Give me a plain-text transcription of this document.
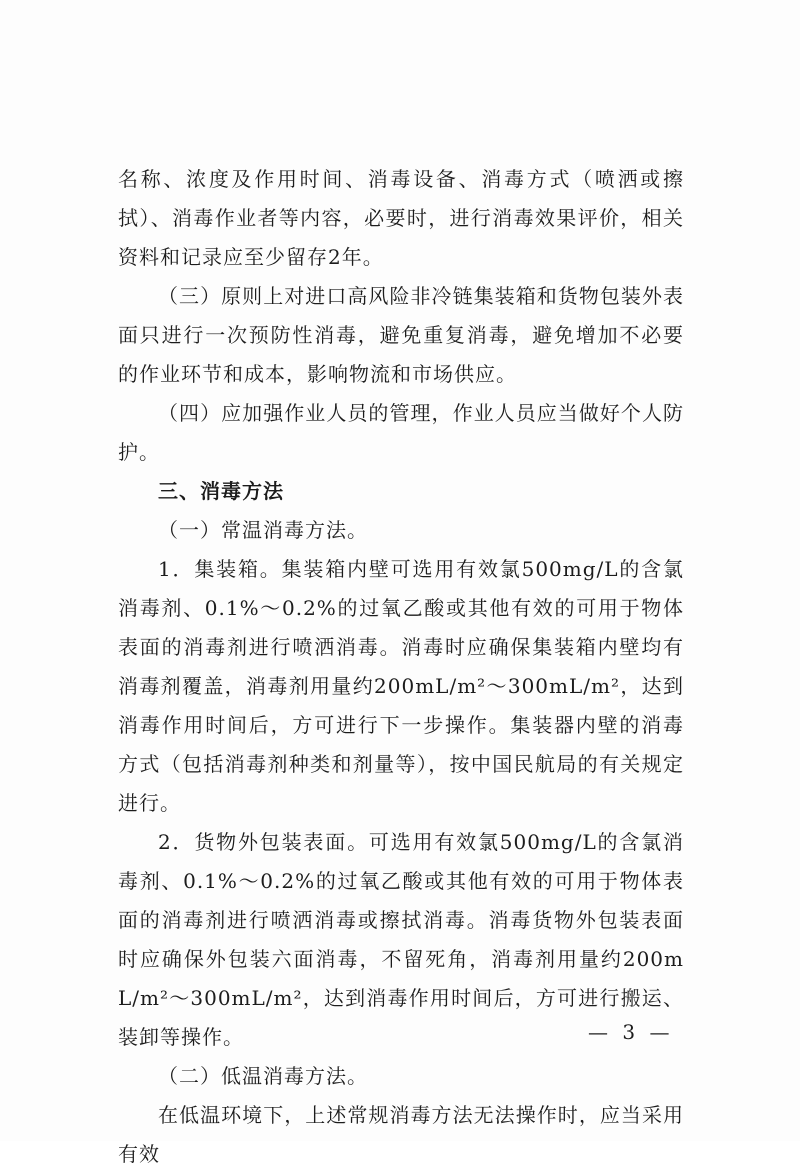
名称、浓度及作用时间、消毒设备、消毒方式（喷洒或擦拭）、消毒作业者等内容，必要时，进行消毒效果评价，相关资料和记录应至少留存2年。

（三）原则上对进口高风险非冷链集装箱和货物包装外表面只进行一次预防性消毒，避免重复消毒，避免增加不必要的作业环节和成本，影响物流和市场供应。

（四）应加强作业人员的管理，作业人员应当做好个人防护。

三、消毒方法

（一）常温消毒方法。

1．集装箱。集装箱内壁可选用有效氯500mg/L的含氯消毒剂、0.1%～0.2%的过氧乙酸或其他有效的可用于物体表面的消毒剂进行喷洒消毒。消毒时应确保集装箱内壁均有消毒剂覆盖，消毒剂用量约200mL/m²～300mL/m²，达到消毒作用时间后，方可进行下一步操作。集装器内壁的消毒方式（包括消毒剂种类和剂量等），按中国民航局的有关规定进行。

2．货物外包装表面。可选用有效氯500mg/L的含氯消毒剂、0.1%～0.2%的过氧乙酸或其他有效的可用于物体表面的消毒剂进行喷洒消毒或擦拭消毒。消毒货物外包装表面时应确保外包装六面消毒，不留死角，消毒剂用量约200mL/m²～300mL/m²，达到消毒作用时间后，方可进行搬运、装卸等操作。

（二）低温消毒方法。

在低温环境下，上述常规消毒方法无法操作时，应当采用有效

— 3 —
